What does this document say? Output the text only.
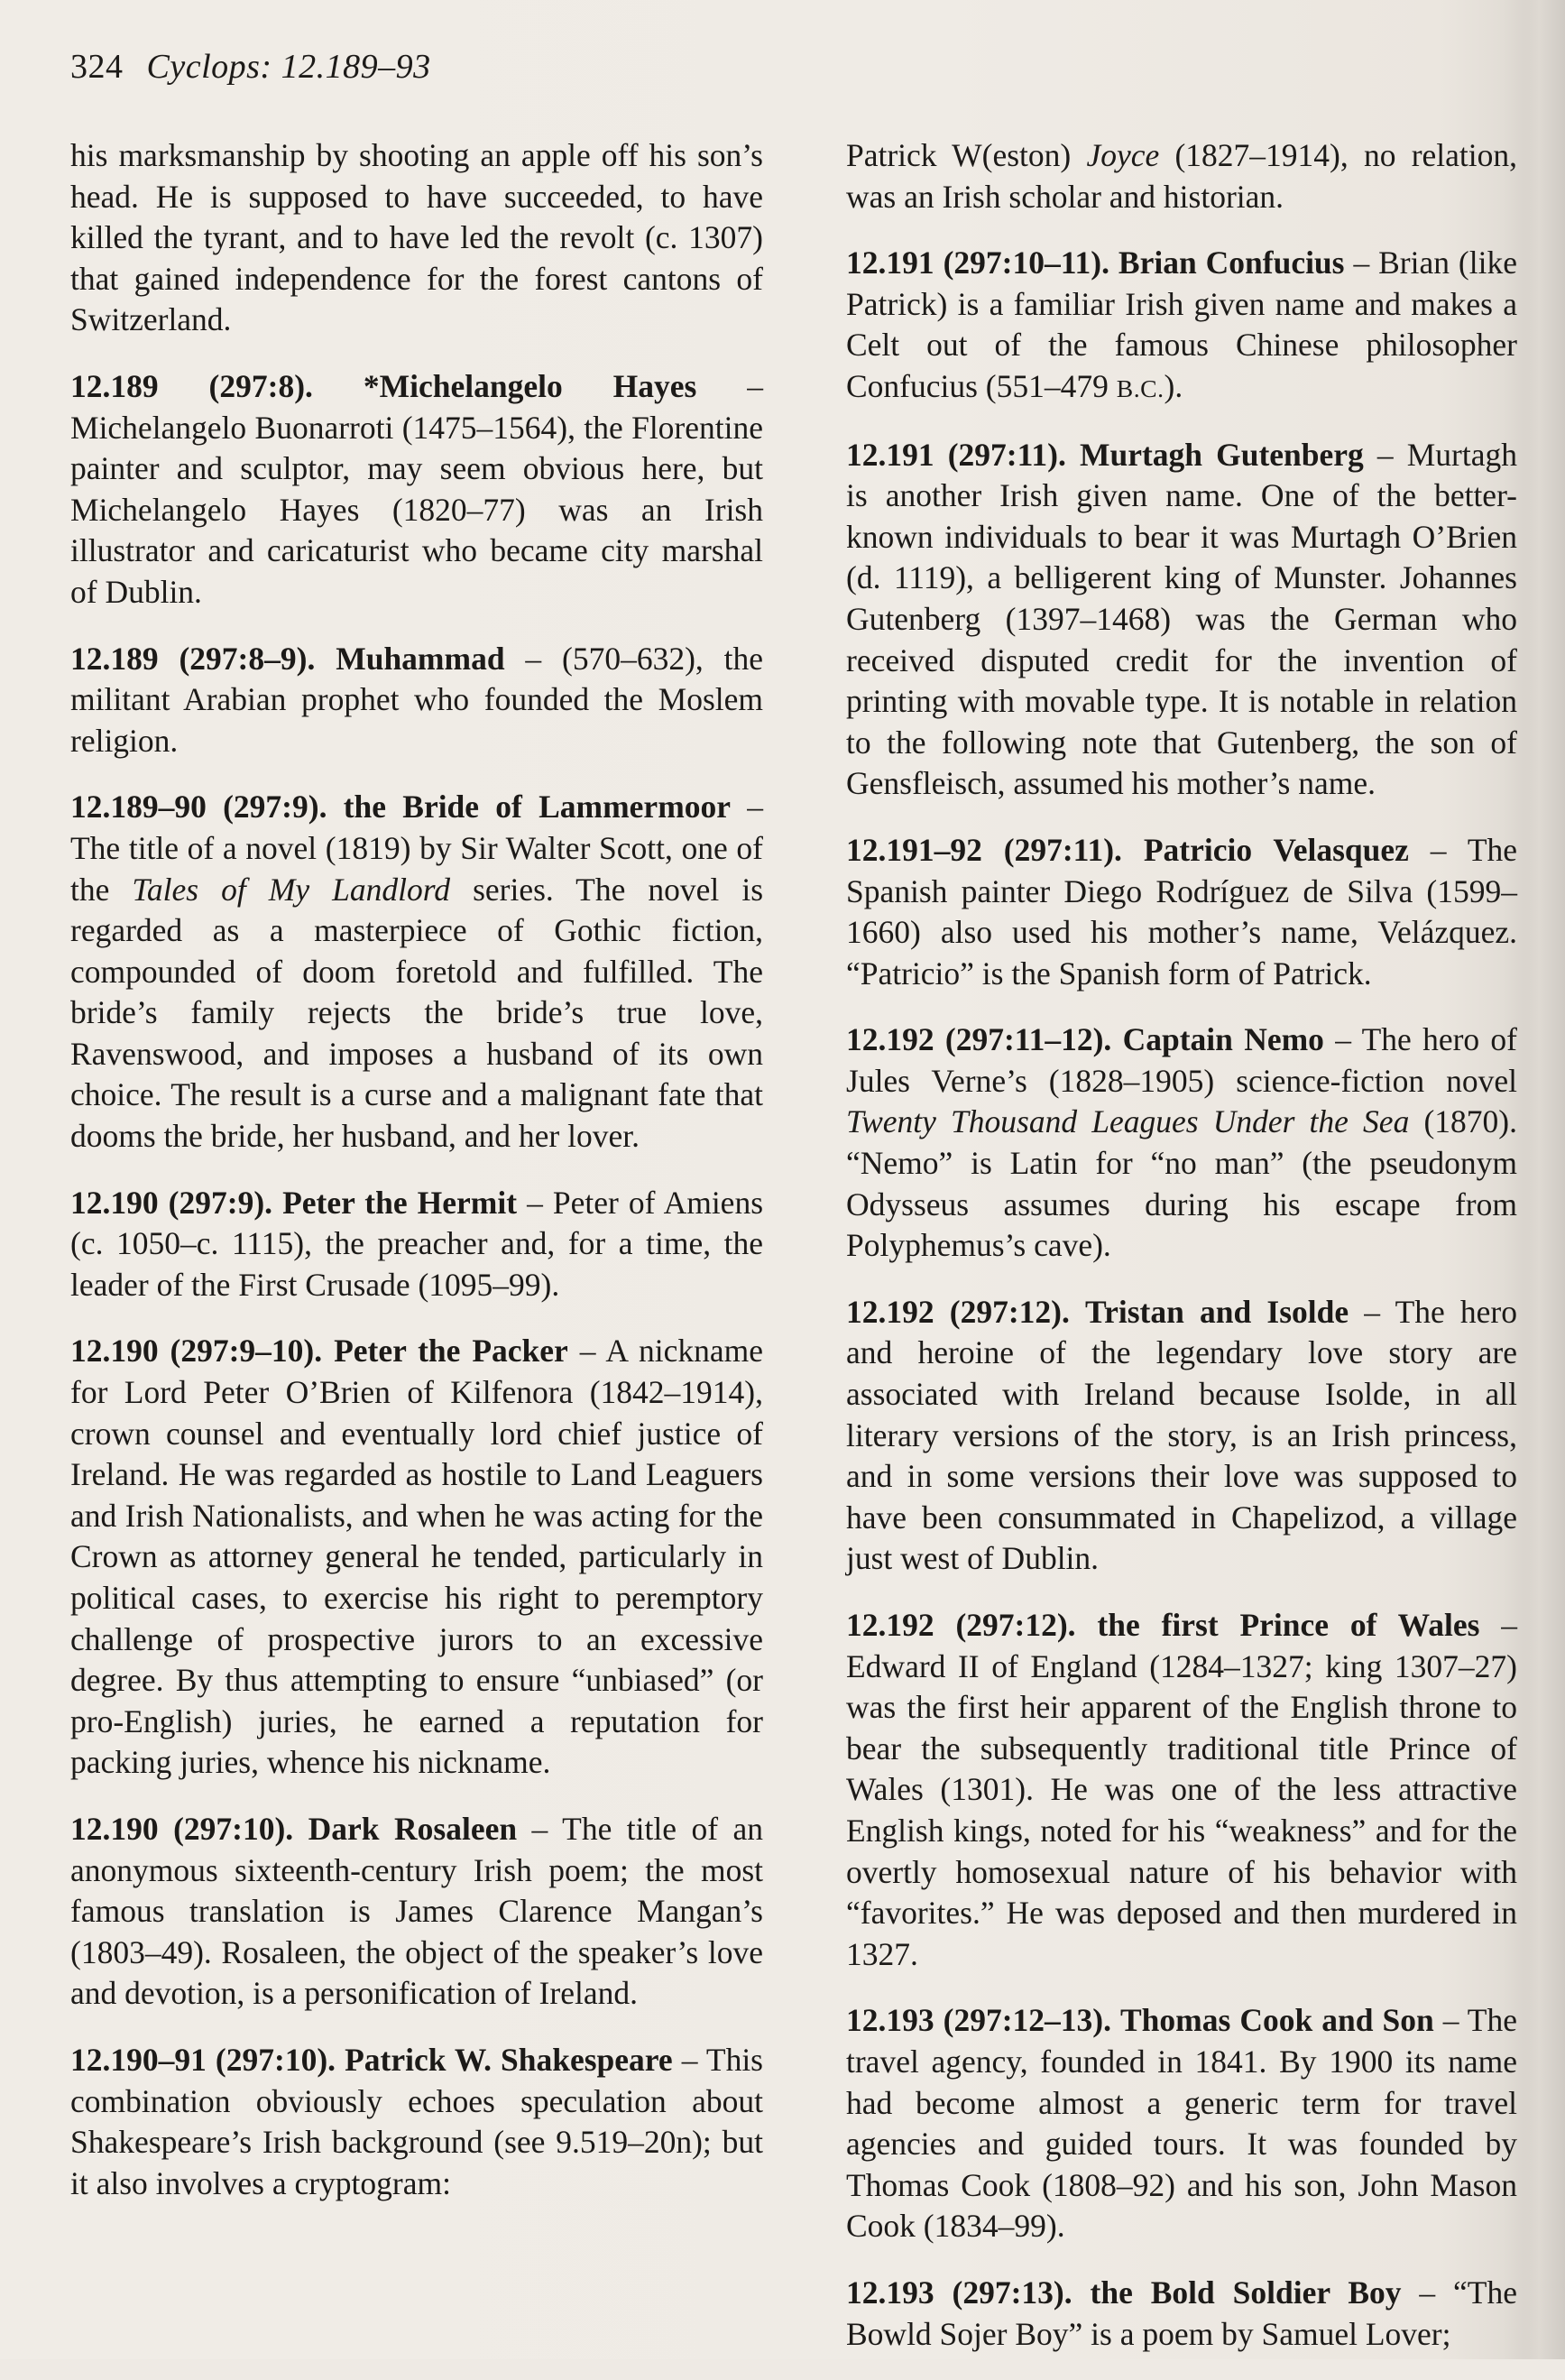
324 Cyclops: 12.189–93

his marksmanship by shooting an apple off his son’s head. He is supposed to have succeeded, to have killed the tyrant, and to have led the revolt (c. 1307) that gained independence for the forest cantons of Switzerland.

12.189 (297:8). *Michelangelo Hayes – Michelangelo Buonarroti (1475–1564), the Florentine painter and sculptor, may seem obvious here, but Michelangelo Hayes (1820–77) was an Irish illustrator and caricaturist who became city marshal of Dublin.

12.189 (297:8–9). Muhammad – (570–632), the militant Arabian prophet who founded the Moslem religion.

12.189–90 (297:9). the Bride of Lammermoor – The title of a novel (1819) by Sir Walter Scott, one of the Tales of My Landlord series. The novel is regarded as a masterpiece of Gothic fiction, compounded of doom foretold and fulfilled. The bride’s family rejects the bride’s true love, Ravenswood, and imposes a husband of its own choice. The result is a curse and a malignant fate that dooms the bride, her husband, and her lover.

12.190 (297:9). Peter the Hermit – Peter of Amiens (c. 1050–c. 1115), the preacher and, for a time, the leader of the First Crusade (1095–99).

12.190 (297:9–10). Peter the Packer – A nickname for Lord Peter O’Brien of Kilfenora (1842–1914), crown counsel and eventually lord chief justice of Ireland. He was regarded as hostile to Land Leaguers and Irish Nationalists, and when he was acting for the Crown as attorney general he tended, particularly in political cases, to exercise his right to peremptory challenge of prospective jurors to an excessive degree. By thus attempting to ensure “unbiased” (or pro-English) juries, he earned a reputation for packing juries, whence his nickname.

12.190 (297:10). Dark Rosaleen – The title of an anonymous sixteenth-century Irish poem; the most famous translation is James Clarence Mangan’s (1803–49). Rosaleen, the object of the speaker’s love and devotion, is a personification of Ireland.

12.190–91 (297:10). Patrick W. Shakespeare – This combination obviously echoes speculation about Shakespeare’s Irish background (see 9.519–20n); but it also involves a cryptogram:

Patrick W(eston) Joyce (1827–1914), no relation, was an Irish scholar and historian.

12.191 (297:10–11). Brian Confucius – Brian (like Patrick) is a familiar Irish given name and makes a Celt out of the famous Chinese philosopher Confucius (551–479 B.C.).

12.191 (297:11). Murtagh Gutenberg – Murtagh is another Irish given name. One of the better-known individuals to bear it was Murtagh O’Brien (d. 1119), a belligerent king of Munster. Johannes Gutenberg (1397–1468) was the German who received disputed credit for the invention of printing with movable type. It is notable in relation to the following note that Gutenberg, the son of Gensfleisch, assumed his mother’s name.

12.191–92 (297:11). Patricio Velasquez – The Spanish painter Diego Rodríguez de Silva (1599–1660) also used his mother’s name, Velázquez. “Patricio” is the Spanish form of Patrick.

12.192 (297:11–12). Captain Nemo – The hero of Jules Verne’s (1828–1905) science-fiction novel Twenty Thousand Leagues Under the Sea (1870). “Nemo” is Latin for “no man” (the pseudonym Odysseus assumes during his escape from Polyphemus’s cave).

12.192 (297:12). Tristan and Isolde – The hero and heroine of the legendary love story are associated with Ireland because Isolde, in all literary versions of the story, is an Irish princess, and in some versions their love was supposed to have been consummated in Chapelizod, a village just west of Dublin.

12.192 (297:12). the first Prince of Wales – Edward II of England (1284–1327; king 1307–27) was the first heir apparent of the English throne to bear the subsequently traditional title Prince of Wales (1301). He was one of the less attractive English kings, noted for his “weakness” and for the overtly homosexual nature of his behavior with “favorites.” He was deposed and then murdered in 1327.

12.193 (297:12–13). Thomas Cook and Son – The travel agency, founded in 1841. By 1900 its name had become almost a generic term for travel agencies and guided tours. It was founded by Thomas Cook (1808–92) and his son, John Mason Cook (1834–99).

12.193 (297:13). the Bold Soldier Boy – “The Bowld Sojer Boy” is a poem by Samuel Lover;
